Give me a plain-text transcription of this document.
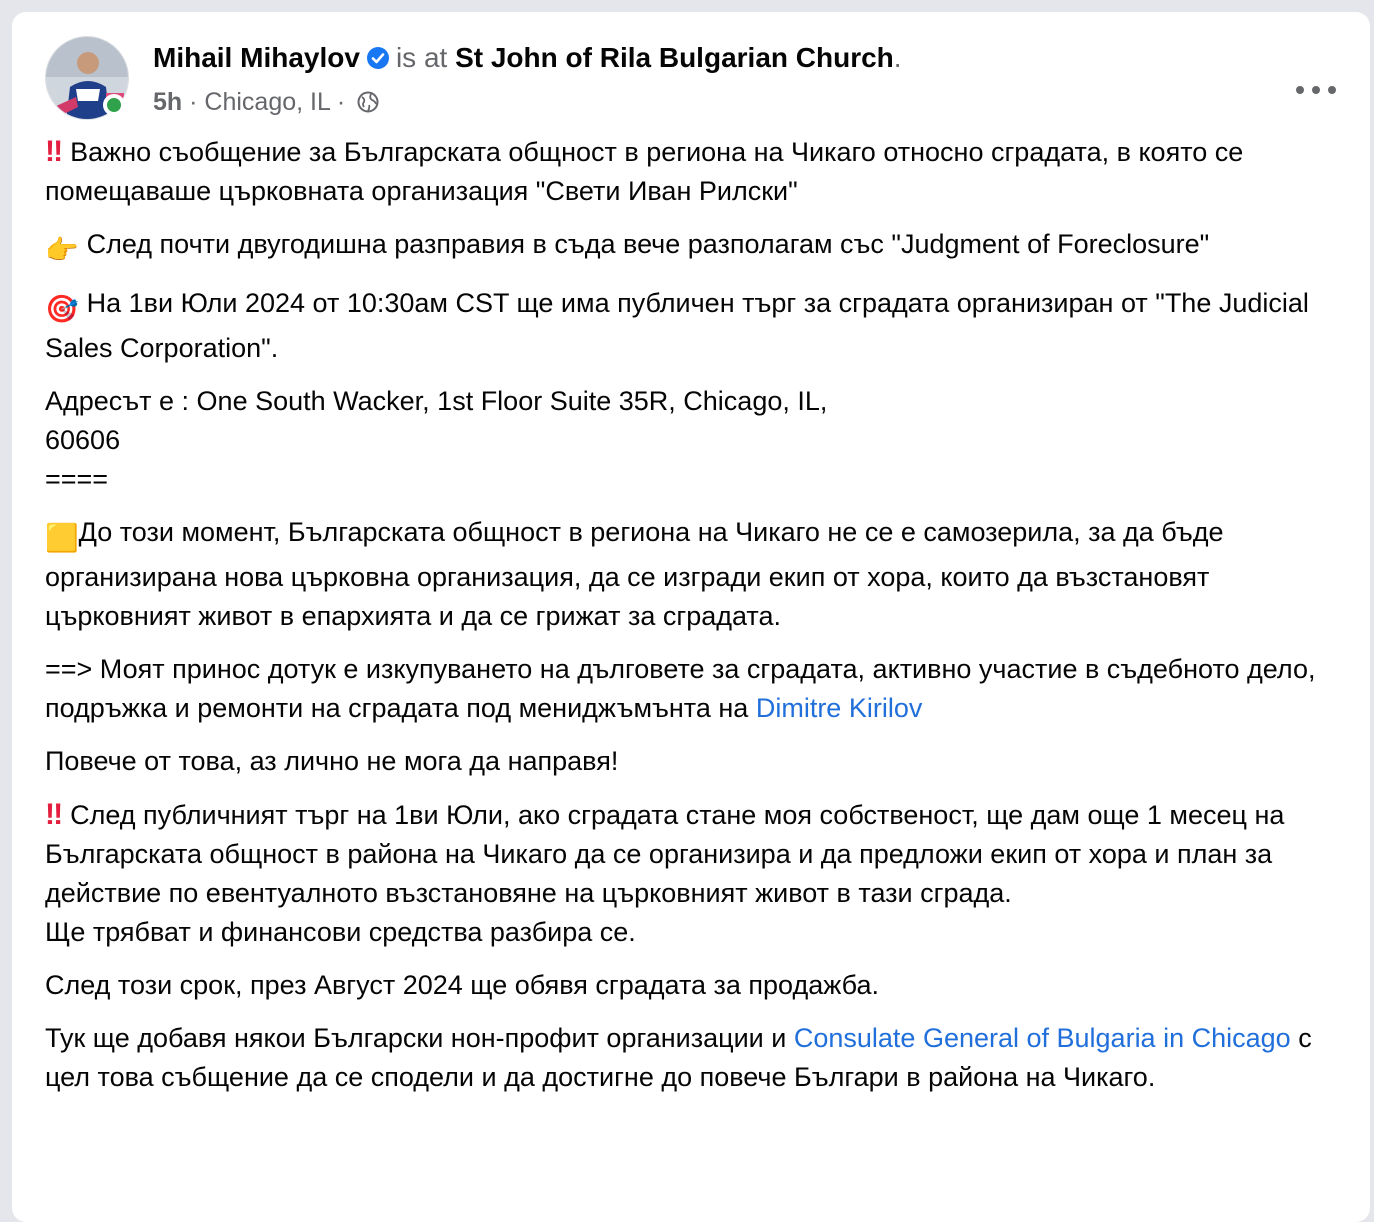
Mihail Mihaylov is at St John of Rila Bulgarian Church.
5h · Chicago, IL ·

‼ Важно съобщение за Българската общност в региона на Чикаго относно сградата, в която се помещаваше църковната организация "Свети Иван Рилски"

👉 След почти двугодишна разправия в съда вече разполагам със "Judgment of Foreclosure"

🎯 На 1ви Юли 2024 от 10:30ам CST ще има публичен търг за сградата организиран от "The Judicial Sales Corporation".

Адресът е : One South Wacker, 1st Floor Suite 35R, Chicago, IL,
60606
====

🟨До този момент, Българската общност в региона на Чикаго не се е самозерила, за да бъде организирана нова църковна организация, да се изгради екип от хора, които да възстановят църковният живот в епархията и да се грижат за сградата.

==> Моят принос дотук е изкупуването на дълговете за сградата, активно участие в съдебното дело, подръжка и ремонти на сградата под мениджъмънта на Dimitre Kirilov

Повече от това, аз лично не мога да направя!

‼ След публичният търг на 1ви Юли, ако сградата стане моя собственост, ще дам още 1 месец на Българската общност в района на Чикаго да се организира и да предложи екип от хора и план за действие по евентуалното възстановяне на църковният живот в тази сграда.
Ще трябват и финансови средства разбира се.

След този срок, през Август 2024 ще обявя сградата за продажба.

Тук ще добавя някои Български нон-профит организации и Consulate General of Bulgaria in Chicago с цел това събщение да се сподели и да достигне до повече Българи в района на Чикаго.
